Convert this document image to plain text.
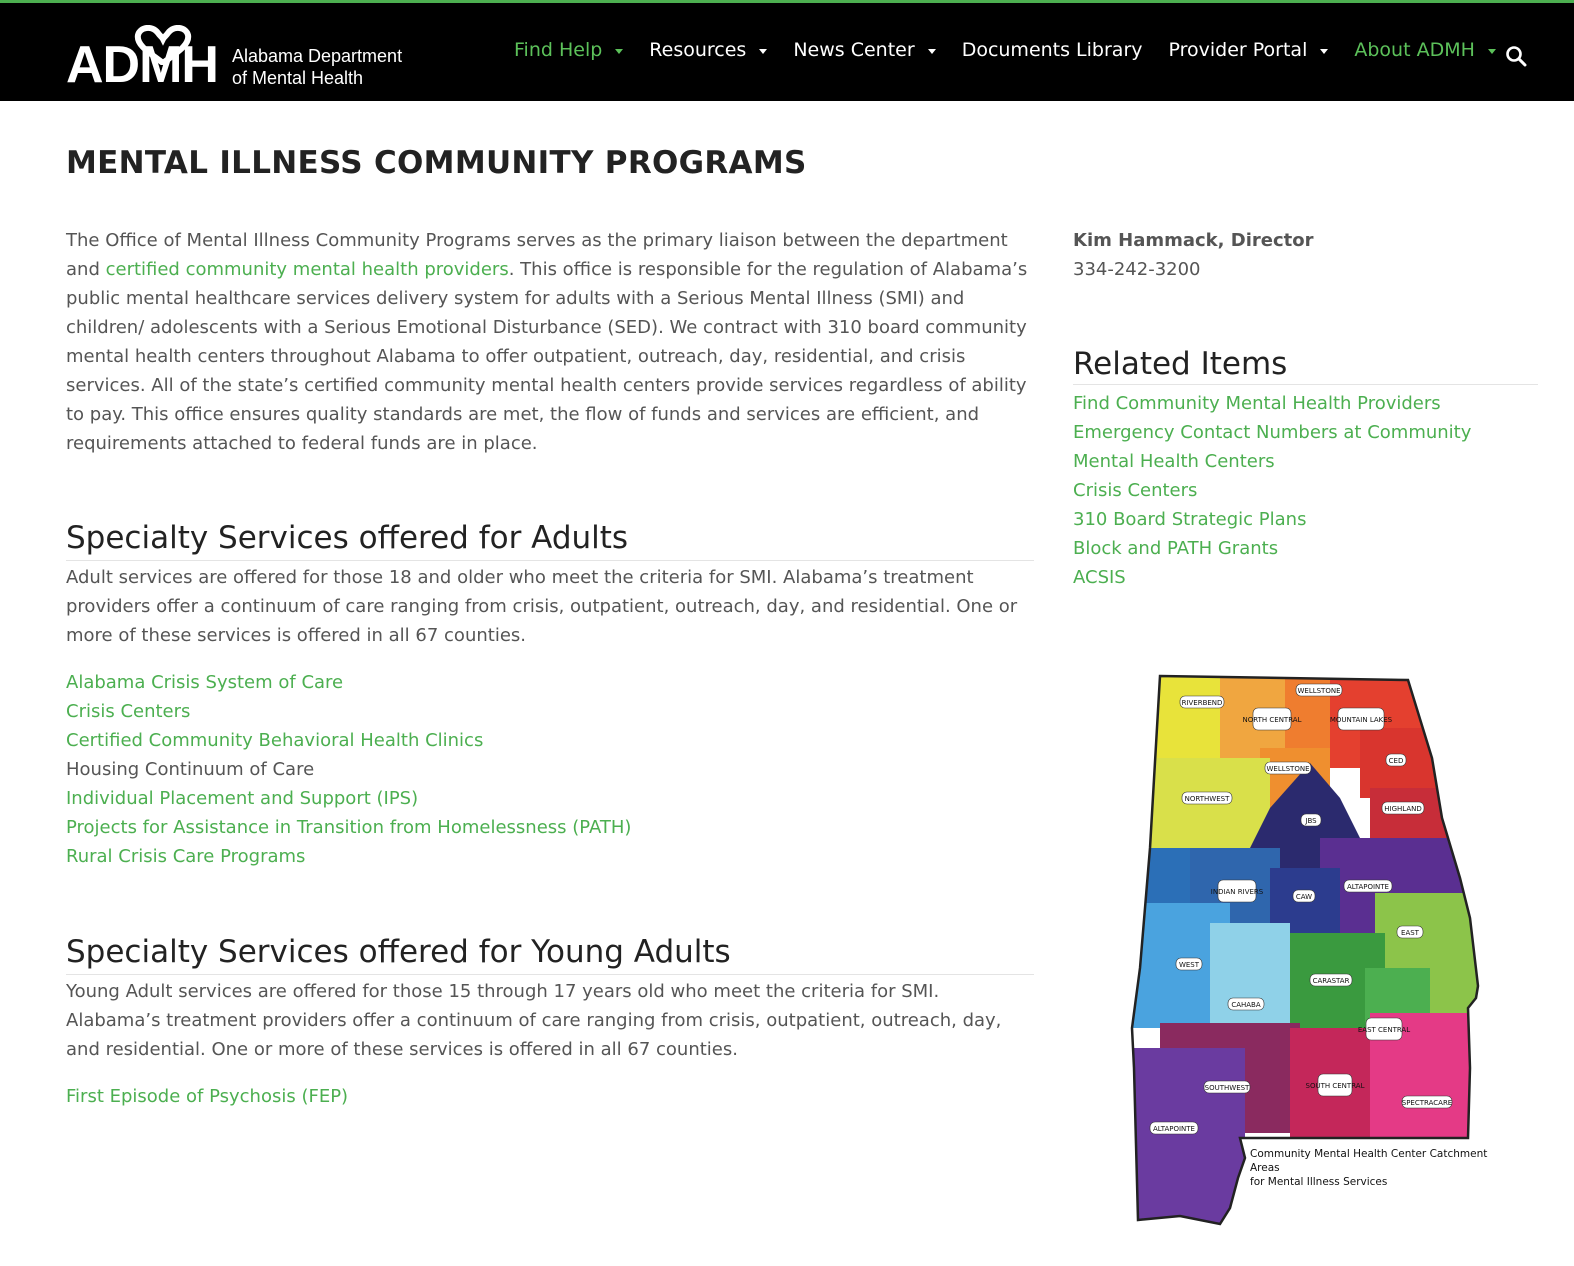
ADMH Alabama Department
of Mental Health
Find Help Resources News Center Documents Library Provider Portal About ADMH
MENTAL ILLNESS COMMUNITY PROGRAMS

The Office of Mental Illness Community Programs serves as the primary liaison between the department and certified community mental health providers. This office is responsible for the regulation of Alabama’s public mental healthcare services delivery system for adults with a Serious Mental Illness (SMI) and children/ adolescents with a Serious Emotional Disturbance (SED). We contract with 310 board community mental health centers throughout Alabama to offer outpatient, outreach, day, residential, and crisis services. All of the state’s certified community mental health centers provide services regardless of ability to pay. This office ensures quality standards are met, the flow of funds and services are efficient, and requirements attached to federal funds are in place.

Specialty Services offered for Adults

Adult services are offered for those 18 and older who meet the criteria for SMI. Alabama’s treatment providers offer a continuum of care ranging from crisis, outpatient, outreach, day, and residential. One or more of these services is offered in all 67 counties.

Alabama Crisis System of Care
Crisis Centers
Certified Community Behavioral Health Clinics
Housing Continuum of Care
Individual Placement and Support (IPS)
Projects for Assistance in Transition from Homelessness (PATH)
Rural Crisis Care Programs
Specialty Services offered for Young Adults

Young Adult services are offered for those 15 through 17 years old who meet the criteria for SMI. Alabama’s treatment providers offer a continuum of care ranging from crisis, outpatient, outreach, day, and residential. One or more of these services is offered in all 67 counties.

First Episode of Psychosis (FEP)
Kim Hammack, Director
334-242-3200
Related Items
Find Community Mental Health Providers
Emergency Contact Numbers at Community Mental Health Centers
Crisis Centers
310 Board Strategic Plans
Block and PATH Grants
ACSIS
RIVERBEND
NORTH CENTRAL
WELLSTONE
MOUNTAIN LAKES
WELLSTONE
CED
NORTHWEST
HIGHLAND
JBS
ALTAPOINTE
INDIAN RIVERS
CAW
EAST
WEST
CARASTAR
CAHABA
EAST CENTRAL
SOUTHWEST	SOUTH CENTRAL
SPECTRACARE
ALTAPOINTE
Community Mental Health Center Catchment Areas
for Mental Illness Services
